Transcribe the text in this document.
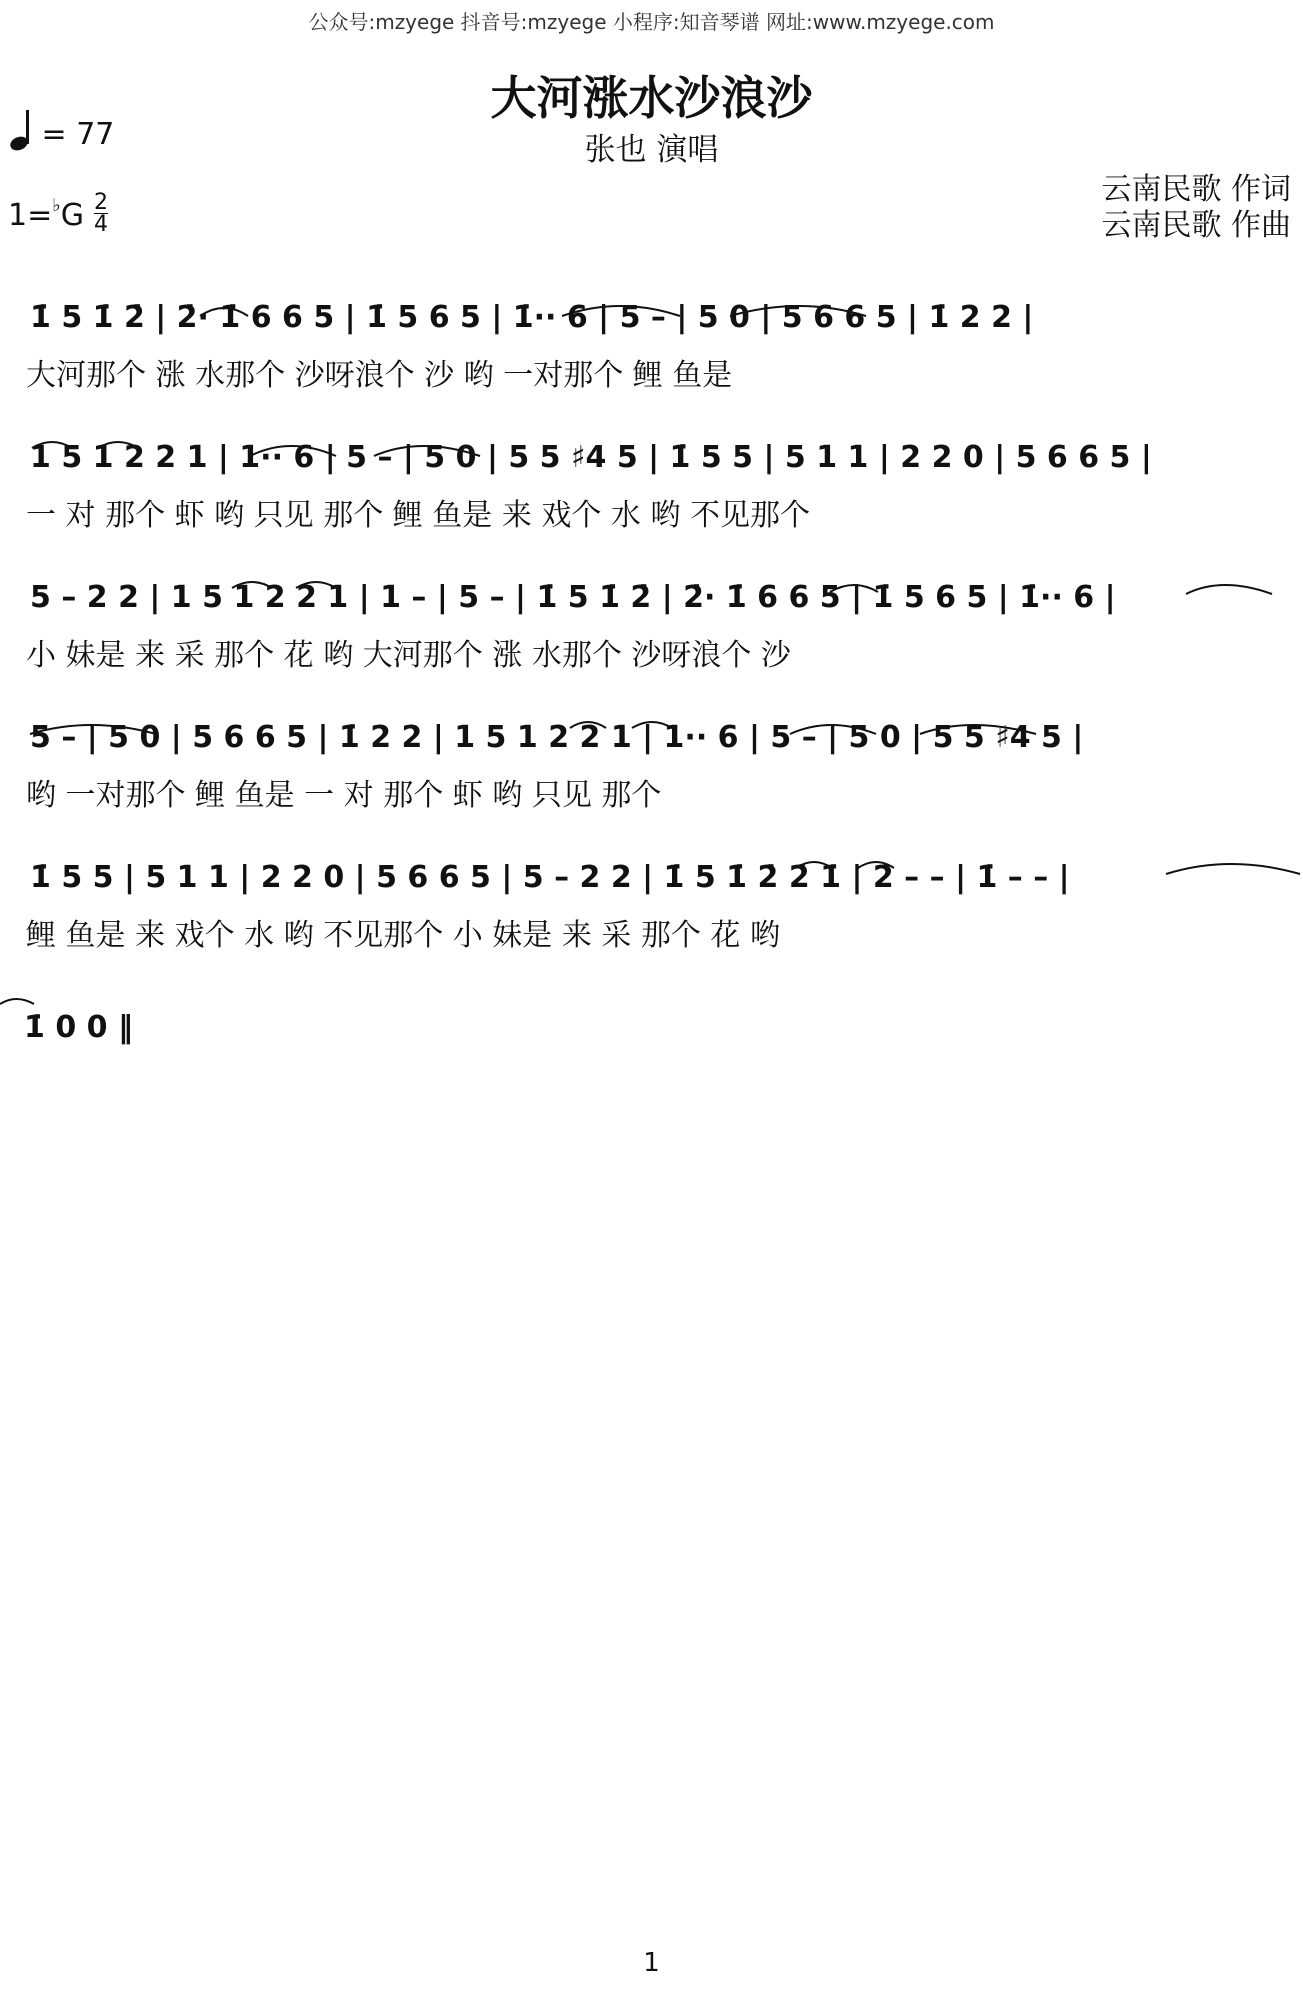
公众号:mzyege 抖音号:mzyege 小程序:知音琴谱 网址:www.mzyege.com
大河涨水沙浪沙
张也 演唱
= 77
$1=^♭G \frac{2}{4}$
云南民歌 作词
云南民歌 作曲
1̇ 5 1̇ 2̇ | 2̇· 1̇ 6 6 5 | 1̇ 5 6 5 | 1̇·· 6 | 5 – | 5 0 | 5 6 6 5 | 1̇ 2 2 |
大河那个 涨 水那个 沙呀浪个 沙 哟 一对那个 鲤 鱼是
1 5 1 2 2 1 | 1·· 6 | 5 – | 5 0 | 5 5 ♯4 5 | 1̇ 5 5 | 5 1 1 | 2 2 0 | 5 6 6 5 |
一 对 那个 虾 哟 只见 那个 鲤 鱼是 来 戏个 水 哟 不见那个
5 – 2 2 | 1 5 1 2 2 1 | 1 – | 5 – | 1̇ 5 1̇ 2̇ | 2̇· 1̇ 6 6 5 | 1̇ 5 6 5 | 1̇·· 6 |
小 妹是 来 采 那个 花 哟 大河那个 涨 水那个 沙呀浪个 沙
5 – | 5 0 | 5 6 6 5 | 1̇ 2 2 | 1 5 1 2 2 1 | 1·· 6 | 5 – | 5 0 | 5 5 ♯4 5 |
哟 一对那个 鲤 鱼是 一 对 那个 虾 哟 只见 那个
1̇ 5 5 | 5 1 1 | 2 2 0 | 5 6 6 5 | 5 – 2 2 | 1̇ 5 1̇ 2̇ 2̇ 1̇ | 2̇ – – | 1̇ – – |
鲤 鱼是 来 戏个 水 哟 不见那个 小 妹是 来 采 那个 花 哟
1̇ 0 0 ‖
1
